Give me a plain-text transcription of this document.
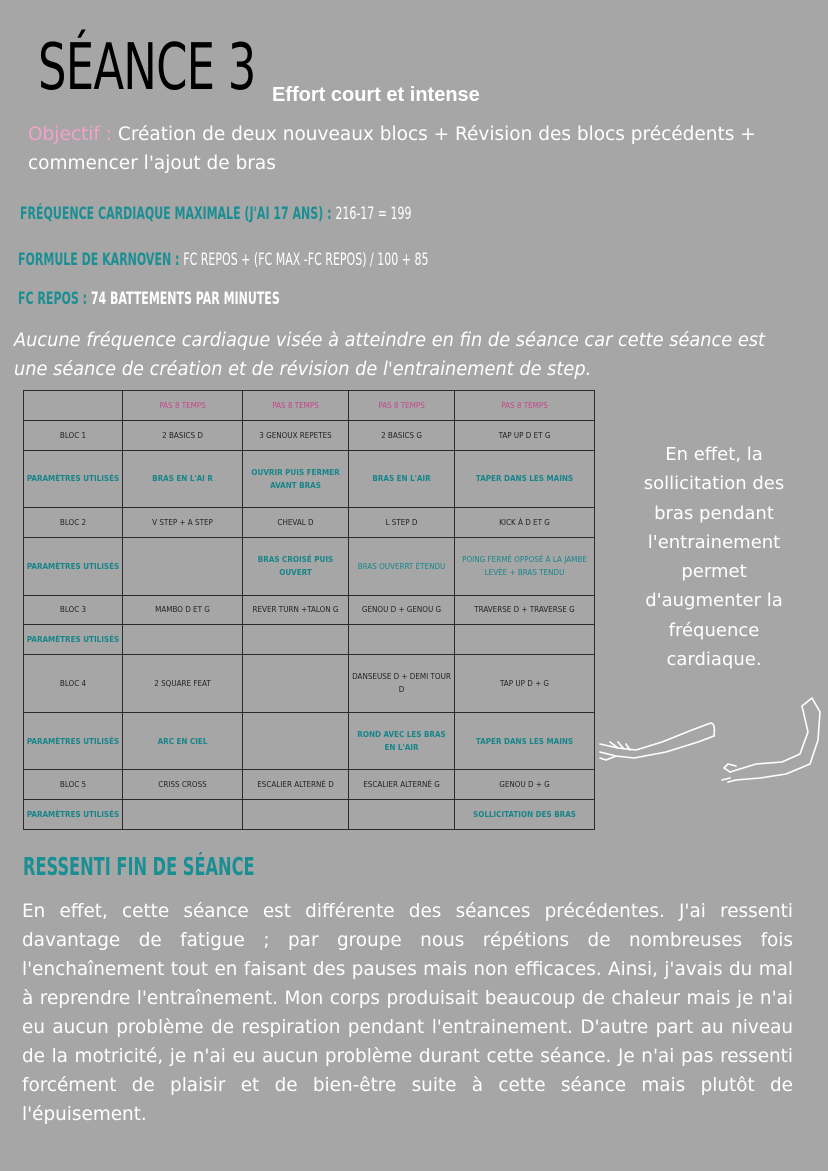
SÉANCE 3 Effort court et intense
Objectif : Création de deux nouveaux blocs + Révision des blocs précédents + commencer l'ajout de bras
FRÉQUENCE CARDIAQUE MAXIMALE (J'AI 17 ANS) : 216-17 = 199
FORMULE DE KARNOVEN : FC REPOS + (FC MAX -FC REPOS) / 100 + 85
FC REPOS : 74 BATTEMENTS PAR MINUTES
Aucune fréquence cardiaque visée à atteindre en fin de séance car cette séance est une séance de création et de révision de l'entrainement de step.
	PAS 8 TEMPS	PAS 8 TEMPS	PAS 8 TEMPS	PAS 8 TEMPS
BLOC 1	2 BASICS D	3 GENOUX REPETES	2 BASICS G	TAP UP D ET G
PARAMÈTRES UTILISÉS	BRAS EN L'AI R	OUVRIR PUIS FERMER AVANT BRAS	BRAS EN L'AIR	TAPER DANS LES MAINS
BLOC 2	V STEP + A STEP	CHEVAL D	L STEP D	KICK À D ET G
PARAMÈTRES UTILISÉS		BRAS CROISÉ PUIS OUVERT	BRAS OUVERRT ÉTENDU	POING FERMÉ OPPOSÉ À LA JAMBE LEVÉE + BRAS TENDU
BLOC 3	MAMBO D ET G	REVER TURN +TALON G	GENOU D + GENOU G	TRAVERSE D + TRAVERSE G
PARAMÈTRES UTILISÉS				
BLOC 4	2 SQUARE FEAT		DANSEUSE D + DEMI TOUR D	TAP UP D + G
PARAMÈTRES UTILISÉS	ARC EN CIEL		ROND AVEC LES BRAS EN L'AIR	TAPER DANS LES MAINS
BLOC 5	CRISS CROSS	ESCALIER ALTERNÉ D	ESCALIER ALTERNÉ G	GENOU D + G
PARAMÈTRES UTILISÉS				SOLLICITATION DES BRAS
En effet, la sollicitation des bras pendant l'entrainement permet d'augmenter la fréquence cardiaque.
RESSENTI FIN DE SÉANCE
En effet, cette séance est différente des séances précédentes. J'ai ressenti davantage de fatigue ; par groupe nous répétions de nombreuses fois l'enchaînement tout en faisant des pauses mais non efficaces. Ainsi, j'avais du mal à reprendre l'entraînement. Mon corps produisait beaucoup de chaleur mais je n'ai eu aucun problème de respiration pendant l'entrainement. D'autre part au niveau de la motricité, je n'ai eu aucun problème durant cette séance. Je n'ai pas ressenti forcément de plaisir et de bien-être suite à cette séance mais plutôt de l'épuisement.
